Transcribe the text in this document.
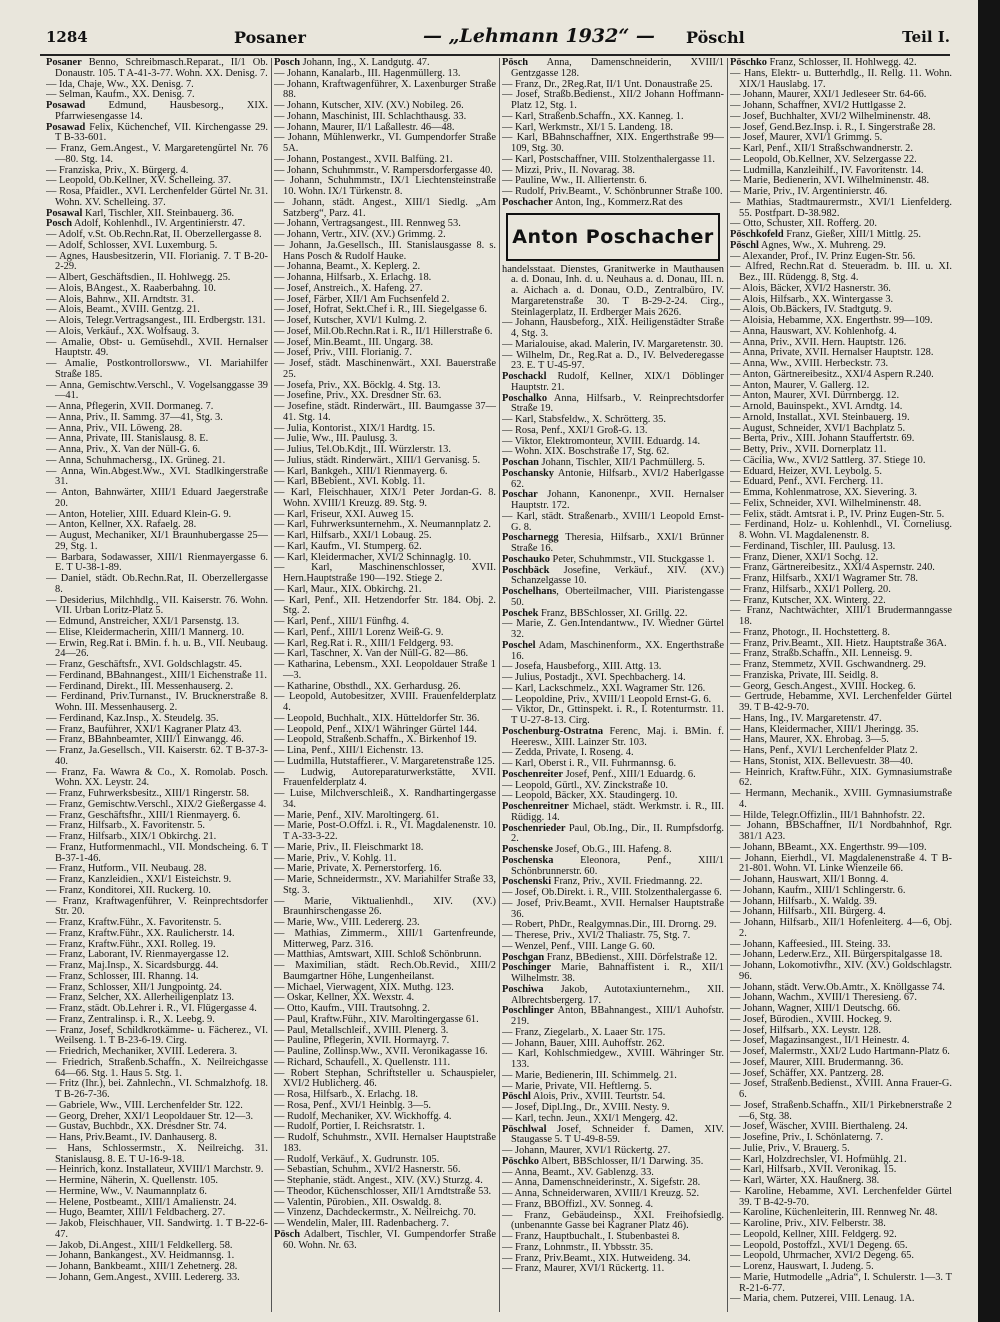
1284	Posaner	— „Lehmann 1932“ — Pöschl	Teil I.

Posaner Benno, Schreibmasch.Reparat., II/1 Ob. Donaustr. 105. T A-41-3-77. Wohn. XX. Denisg. 7.

— Ida, Chaje, Ww., XX. Denisg. 7.

— Selman, Kaufm., XX. Denisg. 7.

Posawad Edmund, Hausbesorg., XIX. Pfarrwiesengasse 14.

Posawad Felix, Küchenchef, VII. Kirchengasse 29. T B-33-601.

— Franz, Gem.Angest., V. Margaretengürtel Nr. 76—80. Stg. 14.

— Franziska, Priv., X. Bürgerg. 4.

— Leopold, Ob.Kellner, XV. Schelleing. 37.

— Rosa, Pfaidler., XVI. Lerchenfelder Gürtel Nr. 31. Wohn. XV. Schelleing. 37.

Posawal Karl, Tischler, XII. Steinbauerg. 36.

Posch Adolf, Kohlenhdl., IV. Argentinierstr. 47.

— Adolf, v.St. Ob.Rechn.Rat, II. Oberzellergasse 8.

— Adolf, Schlosser, XVI. Luxemburg. 5.

— Agnes, Hausbesitzerin, VII. Florianig. 7. T B-20-2-29.

— Albert, Geschäftsdien., II. Hohlwegg. 25.

— Alois, BAngest., X. Raaberbahng. 10.

— Alois, Bahnw., XII. Arndtstr. 31.

— Alois, Beamt., XVIII. Gentzg. 21.

— Alois, Telegr.Vertragsangest., III. Erdbergstr. 131.

— Alois, Verkäuf., XX. Wolfsaug. 3.

— Amalie, Obst- u. Gemüsehdl., XVII. Hernalser Hauptstr. 49.

— Amalie, Postkontrollorsww., VI. Mariahilfer Straße 185.

— Anna, Gemischtw.Verschl., V. Vogelsanggasse 39—41.

— Anna, Pflegerin, XVII. Dormaneg. 7.

— Anna, Priv., II. Sammg. 37—41, Stg. 3.

— Anna, Priv., VII. Löweng. 28.

— Anna, Private, III. Stanislausg. 8. E.

— Anna, Priv., X. Van der Nüll-G. 6.

— Anna, Schuhmachersg., IX. Grüneg. 21.

— Anna, Win.Abgest.Ww., XVI. Stadlkingerstraße 31.

— Anton, Bahnwärter, XIII/1 Eduard Jaegerstraße 20.

— Anton, Hotelier, XIII. Eduard Klein-G. 9.

— Anton, Kellner, XX. Rafaelg. 28.

— August, Mechaniker, XI/1 Braunhubergasse 25—29, Stg. 1.

— Barbara, Sodawasser, XIII/1 Rienmayergasse 6. E. T U-38-1-89.

— Daniel, städt. Ob.Rechn.Rat, II. Oberzellergasse 8.

— Desiderius, Milchhdlg., VII. Kaiserstr. 76. Wohn. VII. Urban Loritz-Platz 5.

— Edmund, Anstreicher, XXI/1 Parsenstg. 13.

— Elise, Kleidermacherin, XIII/1 Mannerg. 10.

— Erwin, Reg.Rat i. BMin. f. h. u. B., VII. Neubaug. 24—26.

— Franz, Geschäftsfr., XVI. Goldschlagstr. 45.

— Ferdinand, BBahnangest., XIII/1 Eichenstraße 11.

— Ferdinand, Direkt., III. Messenhauserg. 2.

— Ferdinand, Priv.Turnanst., IV. Brucknerstraße 8. Wohn. III. Messenhauserg. 2.

— Ferdinand, Kaz.Insp., X. Steudelg. 35.

— Franz, Bauführer, XXI/1 Kagraner Platz 43.

— Franz, BBahnbeamter, XIII/1 Einwangg. 46.

— Franz, Ja.Gesellsch., VII. Kaiserstr. 62. T B-37-3-40.

— Franz, Fa. Wawra & Co., X. Romolab. Posch. Wohn. XX. Leystr. 24.

— Franz, Fuhrwerksbesitz., XIII/1 Ringerstr. 58.

— Franz, Gemischtw.Verschl., XIX/2 Gießergasse 4.

— Franz, Geschäftsfhr., XIII/1 Rienmayerg. 6.

— Franz, Hilfsarb., X. Favoritenstr. 5.

— Franz, Hilfsarb., XIX/1 Obkirchg. 21.

— Franz, Hutformenmachl., VII. Mondscheing. 6. T B-37-1-46.

— Franz, Hutform., VII. Neubaug. 28.

— Franz, Kanzleidien., XXI/1 Eisteichstr. 9.

— Franz, Konditorei, XII. Ruckerg. 10.

— Franz, Kraftwagenführer, V. Reinprechtsdorfer Str. 20.

— Franz, Kraftw.Führ., X. Favoritenstr. 5.

— Franz, Kraftw.Führ., XX. Raulicherstr. 14.

— Franz, Kraftw.Führ., XXI. Rolleg. 19.

— Franz, Laborant, IV. Rienmayergasse 12.

— Franz, Maj.Insp., X. Sicardsburgg. 44.

— Franz, Schlosser, III. Rhanng. 14.

— Franz, Schlosser, XII/1 Jungpointg. 24.

— Franz, Selcher, XX. Allerheiligenplatz 13.

— Franz, städt. Ob.Lehrer i. R., VI. Flügergasse 4.

— Franz, Zentralinsp. i. R., X. Leebg. 9.

— Franz, Josef, Schildkrotkämme- u. Fächerez., VI. Weilseng. 1. T B-23-6-19. Cirg.

— Friedrich, Mechaniker, XVIII. Lederera. 3.

— Friedrich, Straßenb.Schaffn., X. Neilreichgasse 64—66. Stg. 1. Haus 5. Stg. 1.

— Fritz (Ihr.), bei. Zahnlechn., VI. Schmalzhofg. 18. T B-26-7-36.

— Gabriele, Ww., VIII. Lerchenfelder Str. 122.

— Georg, Dreher, XXI/1 Leopoldauer Str. 12—3.

— Gustav, Buchbdr., XX. Dresdner Str. 74.

— Hans, Priv.Beamt., IV. Danhauserg. 8.

— Hans, Schlossermstr., X. Neilreichg. 31. Stanislausg. 8. E. T U-16-9-18.

— Heinrich, konz. Installateur, XVIII/1 Marchstr. 9.

— Hermine, Näherin, X. Quellenstr. 105.

— Hermine, Ww., V. Naumannplatz 6.

— Helene, Postbeamt., XIII/1 Amalienstr. 24.

— Hugo, Beamter, XIII/1 Feldbacherg. 27.

— Jakob, Fleischhauer, VII. Sandwirtg. 1. T B-22-6-47.

— Jakob, Di.Angest., XIII/1 Feldkellerg. 58.

— Johann, Bankangest., XV. Heidmannsg. 1.

— Johann, Bankbeamt., XIII/1 Zehetnerg. 28.

— Johann, Gem.Angest., XVIII. Ledererg. 33.

Posch Johann, Ing., X. Landgutg. 47.

— Johann, Kanalarb., III. Hagenmüllerg. 13.

— Johann, Kraftwagenführer, X. Laxenburger Straße 88.

— Johann, Kutscher, XIV. (XV.) Nobileg. 26.

— Johann, Maschinist, III. Schlachthausg. 33.

— Johann, Maurer, II/1 Laßallestr. 46—48.

— Johann, Mühlenwerkr., VI. Gumpendorfer Straße 5A.

— Johann, Postangest., XVII. Balfüng. 21.

— Johann, Schuhmmstr., V. Rampersdorfergasse 40.

— Johann, Schuhmmstr., IX/1 Liechtensteinstraße 10. Wohn. IX/1 Türkenstr. 8.

— Johann, städt. Angest., XIII/1 Siedlg. „Am Satzberg“, Parz. 41.

— Johann, Vertragsangest., III. Rennweg 53.

— Johann, Vertr., XIV. (XV.) Grimmg. 2.

— Johann, Ja.Gesellsch., III. Stanislausgasse 8. s. Hans Posch & Rudolf Hauke.

— Johanna, Beamt., X. Keplerg. 2.

— Johanna, Hilfsarb., X. Erlachg. 18.

— Josef, Anstreich., X. Hafeng. 27.

— Josef, Färber, XII/1 Am Fuchsenfeld 2.

— Josef, Hofrat, Sekt.Chef i. R., III. Siegelgasse 6.

— Josef, Kutscher, XVI/1 Kulmg. 2.

— Josef, Mil.Ob.Rechn.Rat i. R., II/1 Hillerstraße 6.

— Josef, Min.Beamt., III. Ungarg. 38.

— Josef, Priv., VIII. Florianig. 7.

— Josef, städt. Maschinenwärt., XXI. Bauerstraße 25.

— Josefa, Priv., XX. Böcklg. 4. Stg. 13.

— Josefine, Priv., XX. Dresdner Str. 63.

— Josefine, städt. Rinderwärt., III. Baumgasse 37—41. Stg. 14.

— Julia, Kontorist., XIX/1 Hardtg. 15.

— Julie, Ww., III. Paulusg. 3.

— Julius, Tel.Ob.Kdjt., III. Würzlerstr. 13.

— Julius, städt. Rinderwärt., XIII/1 Gervanisg. 5.

— Karl, Bankgeh., XIII/1 Rienmayerg. 6.

— Karl, BBebient., XVI. Koblg. 11.

— Karl, Fleischhauer, XIX/1 Peter Jordan-G. 8. Wohn. XVIII/1 Kreuzg. 89. Stg. 9.

— Karl, Friseur, XXI. Auweg 15.

— Karl, Fuhrwerksunternehm., X. Neumannplatz 2.

— Karl, Hilfsarb., XXI/1 Lobaug. 25.

— Karl, Kaufm., VI. Stumperg. 62.

— Karl, Kleidermacher, XVI/2 Schinnaglg. 10.

— Karl, Maschinenschlosser, XVII. Hern.Hauptstraße 190—192. Stiege 2.

— Karl, Maur., XIX. Obkirchg. 21.

— Karl, Penf., XII. Hetzendorfer Str. 184. Obj. 2. Stg. 2.

— Karl, Penf., XIII/1 Fünfhg. 4.

— Karl, Penf., XIII/1 Lorenz Weiß-G. 9.

— Karl, Reg.Rat i. R., XIII/1 Feldgerg. 93.

— Karl, Taschner, X. Van der Nüll-G. 82—86.

— Katharina, Lebensm., XXI. Leopoldauer Straße 1—3.

— Katharine, Obsthdl., XX. Gerhardusg. 26.

— Leopold, Autobesitzer, XVIII. Frauenfelderplatz 4.

— Leopold, Buchhalt., XIX. Hütteldorfer Str. 36.

— Leopold, Penf., XIX/1 Währinger Gürtel 144.

— Leopold, Straßenb.Schaffn., X. Birkenhof 19.

— Lina, Penf., XIII/1 Eichenstr. 13.

— Ludmilla, Hutstaffierer., V. Margaretenstraße 125.

— Ludwig, Autoreparaturwerkstätte, XVII. Frauenfelderplatz 4.

— Luise, Milchverschleiß., X. Randhartingergasse 34.

— Marie, Penf., XIV. Maroltingerg. 61.

— Marie, Post-O.Offzl. i. R., VI. Magdalenenstr. 10. T A-33-3-22.

— Marie, Priv., II. Fleischmarkt 18.

— Marie, Priv., V. Kohlg. 11.

— Marie, Private, X. Pernerstorferg. 16.

— Marie, Schneidermstr., XV. Mariahilfer Straße 33, Stg. 3.

— Marie, Viktualienhdl., XIV. (XV.) Braunhirschengasse 26.

— Marie, Ww., VIII. Ledererg. 23.

— Mathias, Zimmerm., XIII/1 Gartenfreunde, Mitterweg, Parz. 316.

— Matthias, Amtswart, XIII. Schloß Schönbrunn.

— Maximilian, städt. Rech.Ob.Revid., XIII/2 Baumgartner Höhe, Lungenheilanst.

— Michael, Vierwagent, XIX. Muthg. 123.

— Oskar, Kellner, XX. Wexstr. 4.

— Otto, Kaufm., VIII. Trautsohng. 2.

— Paul, Kraftw.Führ., XIV. Maroltingergasse 61.

— Paul, Metallschleif., XVIII. Plenerg. 3.

— Pauline, Pflegerin, XVII. Hormayrg. 7.

— Pauline, Zollinsp.Ww., XVII. Veronikagasse 16.

— Richard, Schaufell., X. Quellenstr. 111.

— Robert Stephan, Schriftsteller u. Schauspieler, XVI/2 Hublicherg. 46.

— Rosa, Hilfsarb., X. Erlachg. 18.

— Rosa, Penf., XVI/1 Heinblg. 3—5.

— Rudolf, Mechaniker, XV. Wickhoffg. 4.

— Rudolf, Portier, I. Reichsratstr. 1.

— Rudolf, Schuhmstr., XVII. Hernalser Hauptstraße 183.

— Rudolf, Verkäuf., X. Gudrunstr. 105.

— Sebastian, Schuhm., XVI/2 Hasnerstr. 56.

— Stephanie, städt. Angest., XIV. (XV.) Sturzg. 4.

— Theodor, Küchenschlosser, XII/1 Arndtstraße 53.

— Valentin, Pürobien., XII. Oswaldg. 8.

— Vinzenz, Dachdeckermstr., X. Neilreichg. 70.

— Wendelin, Maler, III. Radenbacherg. 7.

Pösch Adalbert, Tischler, VI. Gumpendorfer Straße 60. Wohn. Nr. 63.

Pösch Anna, Damenschneiderin, XVIII/1 Gentzgasse 128.

— Franz, Dr., 2Reg.Rat, II/1 Unt. Donaustraße 25.

— Josef, Straßb.Bedienst., XII/2 Johann Hoffmann-Platz 12, Stg. 1.

— Karl, Straßenb.Schaffn., XX. Kanneg. 1.

— Karl, Werkmstr., XI/1 5. Landeng. 18.

— Karl, BBahnschaffner, XIX. Engerthstraße 99—109, Stg. 30.

— Karl, Postschaffner, VIII. Stolzenthalergasse 11.

— Mizzi, Priv., II. Novarag. 38.

— Pauline, Ww., II. Alliertenstr. 6.

— Rudolf, Priv.Beamt., V. Schönbrunner Straße 100.

Poschacher Anton, Ing., Kommerz.Rat des

Anton Poschacher

handelsstaat. Dienstes, Granitwerke in Mauthausen a. d. Donau, Inh. d. u. Neuhaus a. d. Donau, III. n. a. Aichach a. d. Donau, O.D., Zentralbüro, IV. Margaretenstraße 30. T B-29-2-24. Cirg., Steinlagerplatz, II. Erdberger Mais 2626.

— Johann, Hausbeforg., XIX. Heiligenstädter Straße 4, Stg. 3.

— Marialouise, akad. Malerin, IV. Margaretenstr. 30.

— Wilhelm, Dr., Reg.Rat a. D., IV. Belvederegasse 23. E. T U-45-97.

Poschackl Rudolf, Kellner, XIX/1 Döblinger Hauptstr. 21.

Poschalko Anna, Hilfsarb., V. Reinprechtsdorfer Straße 19.

— Karl, Stabsfeldw., X. Schrötterg. 35.

— Rosa, Penf., XXI/1 Groß-G. 13.

— Viktor, Elektromonteur, XVIII. Eduardg. 14.

— Wohn. XIX. Boschstraße 17, Stg. 62.

Poschan Johann, Tischler, XII/1 Pachmüllerg. 5.

Poschansky Antonie, Hilfsarb., XVI/2 Haberlgasse 62.

Poschar Johann, Kanonenpr., XVII. Hernalser Hauptstr. 172.

— Karl, städt. Straßenarb., XVIII/1 Leopold Ernst-G. 8.

Poscharnegg Theresia, Hilfsarb., XXI/1 Brünner Straße 16.

Poschauko Peter, Schuhmmstr., VII. Stuckgasse 1.

Poschbäck Josefine, Verkäuf., XIV. (XV.) Schanzelgasse 10.

Poschelhans, Oberteilmacher, VIII. Piaristengasse 50.

Poschek Franz, BBSchlosser, XI. Grillg. 22.

— Marie, Z. Gen.Intendantww., IV. Wiedner Gürtel 32.

Poschel Adam, Maschinenform., XX. Engerthstraße 16.

— Josefa, Hausbeforg., XIII. Attg. 13.

— Julius, Postadjt., XVI. Spechbacherg. 14.

— Karl, Lackschmelz., XXI. Wagramer Str. 126.

— Leopoldine, Priv., XVIII/1 Leopold Ernst-G. 6.

— Viktor, Dr., Gttinspekt. i. R., I. Rotenturmstr. 11. T U-27-8-13. Cirg.

Poschenburg-Ostratna Ferenc, Maj. i. BMin. f. Heeresw., XIII. Lainzer Str. 103.

— Zedda, Private, I. Roseng. 4.

— Karl, Oberst i. R., VII. Fuhrmannsg. 6.

Poschenreiter Josef, Penf., XIII/1 Eduardg. 6.

— Leopold, Gürtl., XV. Zinckstraße 10.

— Leopold, Bäcker, XX. Staudingerg. 10.

Poschenreitner Michael, städt. Werkmstr. i. R., III. Rüdigg. 14.

Poschenrieder Paul, Ob.Ing., Dir., II. Rumpfsdorfg. 2.

Poschenske Josef, Ob.G., III. Hafeng. 8.

Poschenska Eleonora, Penf., XIII/1 Schönbrunnerstr. 60.

Poschenski Franz, Priv., XVII. Friedmanng. 22.

— Josef, Ob.Direkt. i. R., VIII. Stolzenthalergasse 6.

— Josef, Priv.Beamt., XVII. Hernalser Hauptstraße 36.

— Robert, PhDr., Realgymnas.Dir., III. Drorng. 29.

— Therese, Priv., XVI/2 Thaliastr. 75, Stg. 7.

— Wenzel, Penf., VIII. Lange G. 60.

Poschgan Franz, BBedienst., XIII. Dörfelstraße 12.

Poschinger Marie, Bahnaffistent i. R., XII/1 Wilhelmstr. 38.

Poschiwa Jakob, Autotaxiunternehm., XII. Albrechtsbergerg. 17.

Poschlinger Anton, BBahnangest., XIII/1 Auhofstr. 219.

— Franz, Ziegelarb., X. Laaer Str. 175.

— Johann, Bauer, XIII. Auhoffstr. 262.

— Karl, Kohlschmiedgew., XVIII. Währinger Str. 133.

— Marie, Bedienerin, III. Schimmelg. 21.

— Marie, Private, VII. Heftlerng. 5.

Pöschl Alois, Priv., XVIII. Teurtstr. 54.

— Josef, Dipl.Ing., Dr., XVIII. Nesty. 9.

— Karl, techn. Jeun., XXI/1 Mengerg. 42.

Pöschlwal Josef, Schneider f. Damen, XIV. Staugasse 5. T U-49-8-59.

— Johann, Maurer, XVI/1 Rückertg. 27.

Pöschko Albert, BBSchlosser, II/1 Darwing. 35.

— Anna, Beamt., XV. Gablenzg. 33.

— Anna, Damenschneiderinstr., X. Sigefstr. 28.

— Anna, Schneiderwaren, XVIII/1 Kreuzg. 52.

— Franz, BBOffizl., XV. Sonneg. 4.

— Franz, Gebäudeinsp., XXI. Freihofsiedlg. (unbenannte Gasse bei Kagraner Platz 46).

— Franz, Hauptbuchalt., I. Stubenbastei 8.

— Franz, Lohnmstr., II. Ybbsstr. 35.

— Franz, Priv.Beamt., XIX. Hutweideng. 34.

— Franz, Maurer, XVI/1 Rückertg. 11.

Pöschko Franz, Schlosser, II. Hohlwegg. 42.

— Hans, Elektr- u. Butterhdlg., II. Rellg. 11. Wohn. XIX/1 Hauslabg. 17.

— Johann, Maurer, XXI/1 Jedleseer Str. 64-66.

— Johann, Schaffner, XVI/2 Huttlgasse 2.

— Josef, Buchhalter, XVI/2 Wilhelminenstr. 48.

— Josef, Gend.Bez.Insp. i. R., I. Singerstraße 28.

— Josef, Maurer, XVI/1 Grimmg. 5.

— Karl, Penf., XII/1 Straßschwandnerstr. 2.

— Leopold, Ob.Kellner, XV. Selzergasse 22.

— Ludmilla, Kanzleihilf., IV. Favoritenstr. 14.

— Marie, Bedienerin, XVI. Wilhelminenstr. 48.

— Marie, Priv., IV. Argentinierstr. 46.

— Mathias, Stadtmaurermstr., XVI/1 Lienfelderg. 55. Postfpart. D-38.982.

— Otto, Schuster, XII. Rofferg. 20.

Pöschkofeld Franz, Gießer, XIII/1 Mittlg. 25.

Pöschl Agnes, Ww., X. Muhreng. 29.

— Alexander, Prof., IV. Prinz Eugen-Str. 56.

— Alfred, Rechn.Rat d. Steueradm. b. III. u. XI. Bez., III. Rüdengg. 8, Stg. 4.

— Alois, Bäcker, XVI/2 Hasnerstr. 36.

— Alois, Hilfsarb., XX. Wintergasse 3.

— Alois, Ob.Bäckers, IV. Stadtgutg. 9.

— Aloisia, Hebamme, XX. Engerthstr. 99—109.

— Anna, Hauswart, XV. Kohlenhofg. 4.

— Anna, Priv., XVII. Hern. Hauptstr. 126.

— Anna, Private, XVII. Hernalser Hauptstr. 128.

— Anna, Ww., XVIII. Herbeckstr. 73.

— Anton, Gärtnereibesitz., XXI/4 Aspern R.240.

— Anton, Maurer, V. Gallerg. 12.

— Anton, Maurer, XVI. Dürrnbergg. 12.

— Arnold, Bauinspekt., XVI. Arndtg. 14.

— Arnold, Installat., XVI. Steinbauerg. 19.

— August, Schneider, XVI/1 Bachplatz 5.

— Berta, Priv., XIII. Johann Stauffertstr. 69.

— Betty, Priv., XVII. Dornerplatz 11.

— Cäcilia, Ww., XVI/2 Sattlerg. 37. Stiege 10.

— Eduard, Heizer, XVI. Leybolg. 5.

— Eduard, Penf., XVI. Fercherg. 11.

— Emma, Kohlenmatrose, XX. Sievering. 3.

— Felix, Schneider, XVI. Wilhelminenstr. 48.

— Felix, städt. Amtsrat i. P., IV. Prinz Eugen-Str. 5.

— Ferdinand, Holz- u. Kohlenhdl., VI. Corneliusg. 8. Wohn. VI. Magdalenenstr. 8.

— Ferdinand, Tischler, III. Paulusg. 13.

— Franz, Diener, XXI/1 Sochg. 12.

— Franz, Gärtnereibesitz., XXI/4 Aspernstr. 240.

— Franz, Hilfsarb., XXI/1 Wagramer Str. 78.

— Franz, Hilfsarb., XXI/1 Pollerg. 20.

— Franz, Kutscher, XX. Winterg. 22.

— Franz, Nachtwächter, XIII/1 Brudermanngasse 18.

— Franz, Photogr., II. Hochstetterg. 8.

— Franz, Priv.Beamt., XII. Hietz. Hauptstraße 36A.

— Franz, Straßb.Schaffn., XII. Lenneisg. 9.

— Franz, Stemmetz, XVII. Gschwandnerg. 29.

— Franziska, Private, III. Seidlg. 8.

— Georg, Gesch.Angest., XVIII. Hockeg. 6.

— Gertrude, Hebamme, XVI. Lerchenfelder Gürtel 39. T B-42-9-70.

— Hans, Ing., IV. Margaretenstr. 47.

— Hans, Kleidermacher, XIII/1 Jheringg. 35.

— Hans, Maurer, XX. Ehrobag. 3—5.

— Hans, Penf., XVI/1 Lerchenfelder Platz 2.

— Hans, Stonist, XIX. Bellevuestr. 38—40.

— Heinrich, Kraftw.Führ., XIX. Gymnasiumstraße 62.

— Hermann, Mechanik., XVIII. Gymnasiumstraße 4.

— Hilde, Telegr.Offizlin., III/1 Bahnhofstr. 22.

— Johann, BBSchaffner, II/1 Nordbahnhof, Rgr. 381/1 A23.

— Johann, BBeamt., XX. Engerthstr. 99—109.

— Johann, Eierhdl., VI. Magdalenenstraße 4. T B-21-801. Wohn. VI. Linke Wienzeile 66.

— Johann, Hauswart, XII/1 Bonng. 4.

— Johann, Kaufm., XIII/1 Schlingerstr. 6.

— Johann, Hilfsarb., X. Waldg. 39.

— Johann, Hilfsarb., XII. Bürgerg. 4.

— Johann, Hilfsarb., XII/1 Hofenleiterg. 4—6, Obj. 2.

— Johann, Kaffeesied., III. Steing. 33.

— Johann, Lederw.Erz., XII. Bürgerspitalgasse 18.

— Johann, Lokomotivfhr., XIV. (XV.) Goldschlagstr. 96.

— Johann, städt. Verw.Ob.Amtr., X. Knöllgasse 74.

— Johann, Wachm., XVIII/1 Theresieng. 67.

— Johann, Wagner, XIII/1 Deutschg. 66.

— Josef, Bürodien., XVIII. Hockeg. 9.

— Josef, Hilfsarb., XX. Leystr. 128.

— Josef, Magazinsangest., II/1 Heinestr. 4.

— Josef, Malermstr., XXI/2 Ludo Hartmann-Platz 6.

— Josef, Maurer, XIII. Brudermanng. 36.

— Josef, Schäffer, XX. Pantzerg. 28.

— Josef, Straßenb.Bedienst., XVIII. Anna Frauer-G. 6.

— Josef, Straßenb.Schaffn., XII/1 Pirkebnerstraße 2—6, Stg. 38.

— Josef, Wäscher, XVIII. Bierthaleng. 24.

— Josefine, Priv., I. Schönlaterng. 7.

— Julie, Priv., V. Brauerg. 5.

— Karl, Holzdrechsler, VI. Hofmühlg. 21.

— Karl, Hilfsarb., XVII. Veronikag. 15.

— Karl, Wärter, XX. Haußnerg. 38.

— Karoline, Hebamme, XVI. Lerchenfelder Gürtel 39. T B-42-9-70.

— Karoline, Küchenleiterin, III. Rennweg Nr. 48.

— Karoline, Priv., XIV. Felberstr. 38.

— Leopold, Kellner, XIII. Feldgerg. 92.

— Leopold, Postoffzl., XVI/1 Degeng. 65.

— Leopold, Uhrmacher, XVI/2 Degeng. 65.

— Lorenz, Hauswart, I. Judeng. 5.

— Marie, Hutmodelle „Adria“, I. Schulerstr. 1—3. T R-21-6-77.

— Maria, chem. Putzerei, VIII. Lenaug. 1A.
